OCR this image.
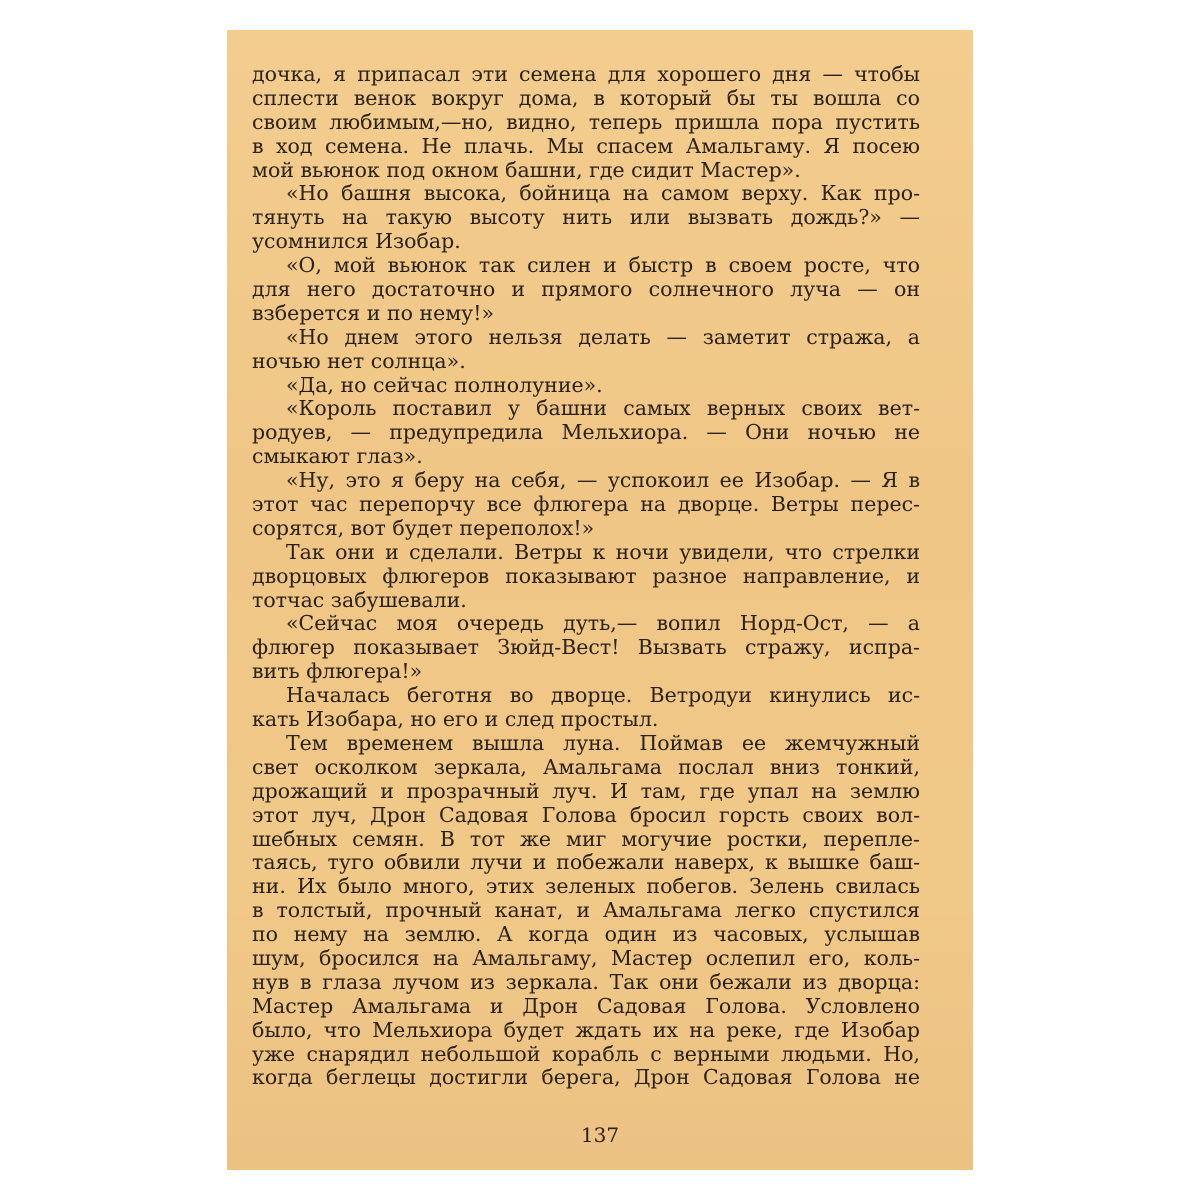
дочка, я припасал эти семена для хорошего дня — чтобы
сплести венок вокруг дома, в который бы ты вошла со
своим любимым,—но, видно, теперь пришла пора пустить
в ход семена. Не плачь. Мы спасем Амальгаму. Я посею
мой вьюнок под окном башни, где сидит Мастер».
«Но башня высока, бойница на самом верху. Как про-
тянуть на такую высоту нить или вызвать дождь?» —
усомнился Изобар.
«О, мой вьюнок так силен и быстр в своем росте, что
для него достаточно и прямого солнечного луча — он
взберется и по нему!»
«Но днем этого нельзя делать — заметит стража, а
ночью нет солнца».
«Да, но сейчас полнолуние».
«Король поставил у башни самых верных своих вет-
родуев, — предупредила Мельхиора. — Они ночью не
смыкают глаз».
«Ну, это я беру на себя, — успокоил ее Изобар. — Я в
этот час перепорчу все флюгера на дворце. Ветры перес-
сорятся, вот будет переполох!»
Так они и сделали. Ветры к ночи увидели, что стрелки
дворцовых флюгеров показывают разное направление, и
тотчас забушевали.
«Сейчас моя очередь дуть,— вопил Норд-Ост, — а
флюгер показывает Зюйд-Вест! Вызвать стражу, испра-
вить флюгера!»
Началась беготня во дворце. Ветродуи кинулись ис-
кать Изобара, но его и след простыл.
Тем временем вышла луна. Поймав ее жемчужный
свет осколком зеркала, Амальгама послал вниз тонкий,
дрожащий и прозрачный луч. И там, где упал на землю
этот луч, Дрон Садовая Голова бросил горсть своих вол-
шебных семян. В тот же миг могучие ростки, перепле-
таясь, туго обвили лучи и побежали наверх, к вышке баш-
ни. Их было много, этих зеленых побегов. Зелень свилась
в толстый, прочный канат, и Амальгама легко спустился
по нему на землю. А когда один из часовых, услышав
шум, бросился на Амальгаму, Мастер ослепил его, коль-
нув в глаза лучом из зеркала. Так они бежали из дворца:
Мастер Амальгама и Дрон Садовая Голова. Условлено
было, что Мельхиора будет ждать их на реке, где Изобар
уже снарядил небольшой корабль с верными людьми. Но,
когда беглецы достигли берега, Дрон Садовая Голова не
137
